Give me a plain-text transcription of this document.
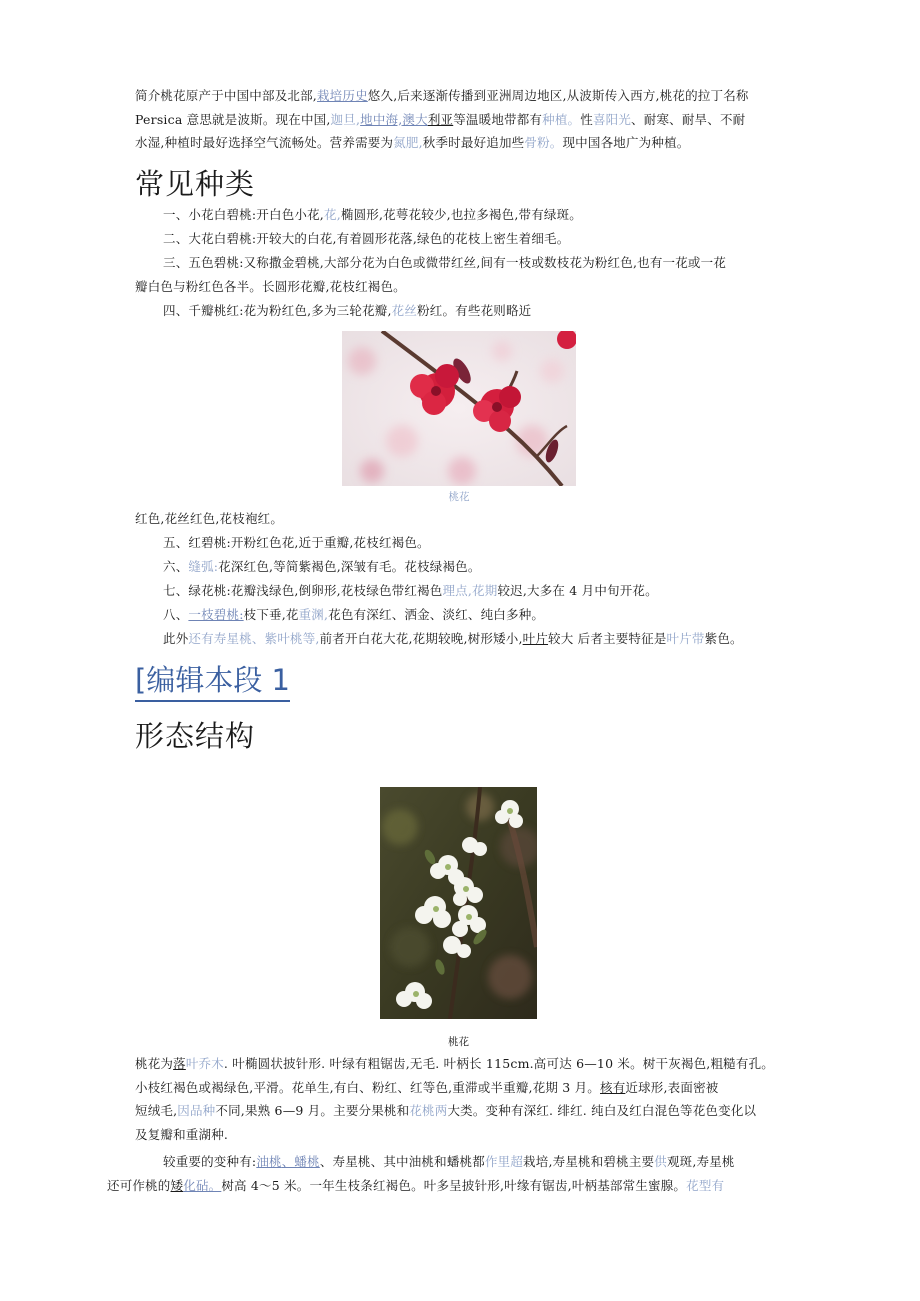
简介桃花原产于中国中部及北部,栽培历史悠久,后来逐渐传播到亚洲周边地区,从波斯传入西方,桃花的拉丁名称
Persica 意思就是波斯。现在中国,迦旦,地中海,澳大利亚等温暖地带都有种植。性喜阳光、耐寒、耐旱、不耐
水湿,种植时最好选择空气流畅处。营养需要为氮肥,秋季时最好追加些骨粉。现中国各地广为种植。

常见种类

一、小花白碧桃:开白色小花,花,椭圆形,花萼花较少,也拉多褐色,带有绿斑。

二、大花白碧桃:开较大的白花,有着圆形花落,绿色的花枝上密生着细毛。

三、五色碧桃:又称撒金碧桃,大部分花为白色或微带红丝,间有一枝或数枝花为粉红色,也有一花或一花
瓣白色与粉红色各半。长圆形花瓣,花枝红褐色。

四、千瓣桃红:花为粉红色,多为三轮花瓣,花丝粉红。有些花则略近

桃花

红色,花丝红色,花枝袍红。

五、红碧桃:开粉红色花,近于重瓣,花枝红褐色。

六、缝弧:花深红色,等简紫褐色,深皱有毛。花枝绿褐色。

七、绿花桃:花瓣浅绿色,倒卵形,花枝绿色带红褐色理点,花期较迟,大多在 4 月中旬开花。

八、一枝碧桃:枝下垂,花重渊,花色有深红、洒金、淡红、纯白多种。

此外还有寿星桃、紫叶桃等,前者开白花大花,花期较晚,树形矮小,叶片较大 后者主要特征是叶片带紫色。

[编辑本段 1
形态结构
桃花

桃花为落叶乔木. 叶椭圆状披针形. 叶绿有粗锯齿,无毛. 叶柄长 115cm.高可达 6—10 米。树干灰褐色,粗糙有孔。
小枝红褐色或褐绿色,平滑。花单生,有白、粉红、红等色,重滞或半重瓣,花期 3 月。核有近球形,表面密被
短绒毛,因品种不同,果熟 6—9 月。主要分果桃和花桃两大类。变种有深红. 绯红. 纯白及红白混色等花色变化以
及复瓣和重湖种.

较重要的变种有:油桃、蟠桃、寿星桃、其中油桃和蟠桃都作里超栽培,寿星桃和碧桃主要供观斑,寿星桃
还可作桃的矮化砧。树高 4〜5 米。一年生枝条红褐色。叶多呈披针形,叶缘有锯齿,叶柄基部常生蜜腺。花型有
